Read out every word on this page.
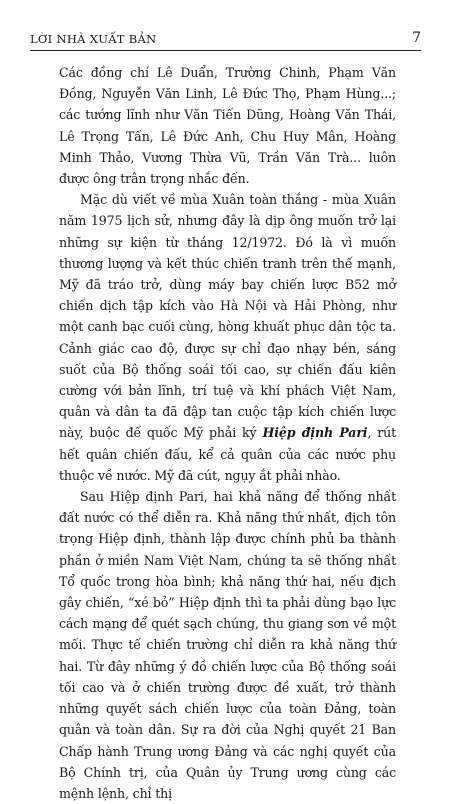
LỜI NHÀ XUẤT BẢN	7

Các đồng chí Lê Duẩn, Trường Chinh, Phạm Văn Đồng, Nguyễn Văn Linh, Lê Đức Thọ, Phạm Hùng...; các tướng lĩnh như Văn Tiến Dũng, Hoàng Văn Thái, Lê Trọng Tấn, Lê Đức Anh, Chu Huy Mân, Hoàng Minh Thảo, Vương Thừa Vũ, Trần Văn Trà... luôn được ông trân trọng nhắc đến.

Mặc dù viết về mùa Xuân toàn thắng - mùa Xuân năm 1975 lịch sử, nhưng đây là dịp ông muốn trở lại những sự kiện từ tháng 12/1972. Đó là vì muốn thương lượng và kết thúc chiến tranh trên thế mạnh, Mỹ đã tráo trở, dùng máy bay chiến lược B52 mở chiến dịch tập kích vào Hà Nội và Hải Phòng, như một canh bạc cuối cùng, hòng khuất phục dân tộc ta. Cảnh giác cao độ, được sự chỉ đạo nhạy bén, sáng suốt của Bộ thống soái tối cao, sự chiến đấu kiên cường với bản lĩnh, trí tuệ và khí phách Việt Nam, quân và dân ta đã đập tan cuộc tập kích chiến lược này, buộc đế quốc Mỹ phải ký Hiệp định Pari, rút hết quân chiến đấu, kể cả quân của các nước phụ thuộc về nước. Mỹ đã cút, ngụy ắt phải nhào.

Sau Hiệp định Pari, hai khả năng để thống nhất đất nước có thể diễn ra. Khả năng thứ nhất, địch tôn trọng Hiệp định, thành lập được chính phủ ba thành phần ở miền Nam Việt Nam, chúng ta sẽ thống nhất Tổ quốc trong hòa bình; khả năng thứ hai, nếu địch gây chiến, “xé bỏ” Hiệp định thì ta phải dùng bạo lực cách mạng để quét sạch chúng, thu giang sơn về một mối. Thực tế chiến trường chỉ diễn ra khả năng thứ hai. Từ đây những ý đồ chiến lược của Bộ thống soái tối cao và ở chiến trường được đề xuất, trở thành những quyết sách chiến lược của toàn Đảng, toàn quân và toàn dân. Sự ra đời của Nghị quyết 21 Ban Chấp hành Trung ương Đảng và các nghị quyết của Bộ Chính trị, của Quân ủy Trung ương cùng các mệnh lệnh, chỉ thị
